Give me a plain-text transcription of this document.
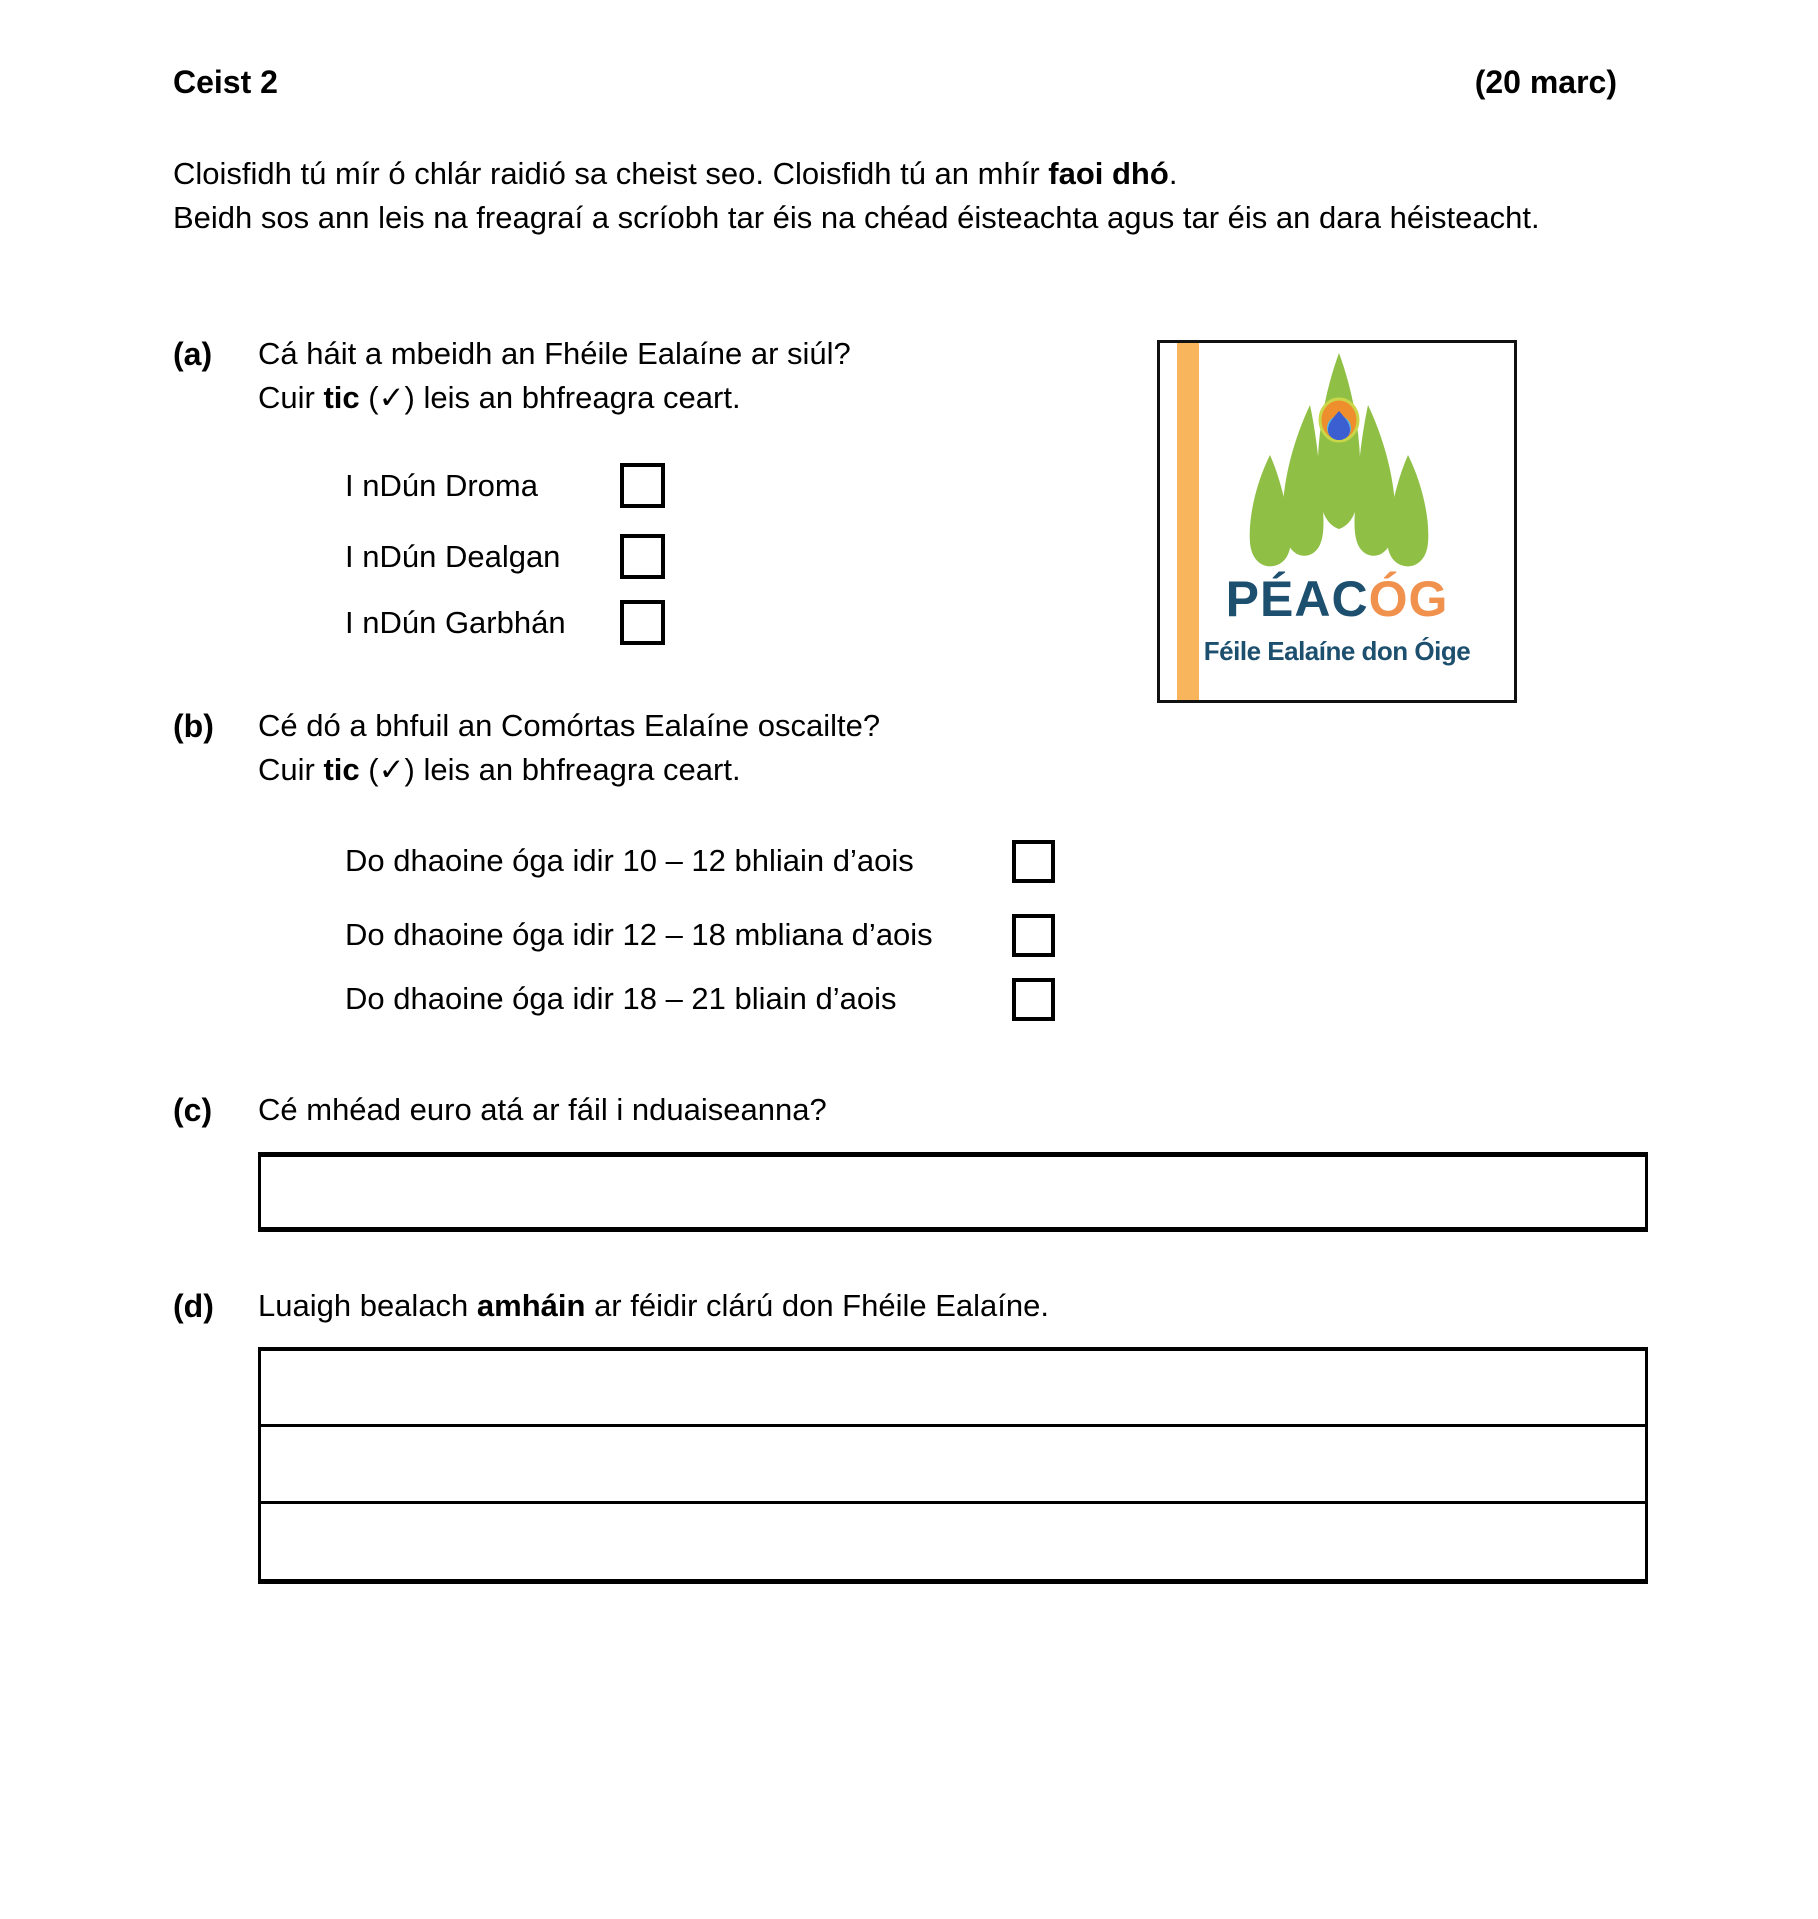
Ceist 2	(20 marc)
Cloisfidh tú mír ó chlár raidió sa cheist seo. Cloisfidh tú an mhír faoi dhó.
Beidh sos ann leis na freagraí a scríobh tar éis na chéad éisteachta agus tar éis an dara héisteacht.
(a) Cá háit a mbeidh an Fhéile Ealaíne ar siúl?
Cuir tic (✓) leis an bhfreagra ceart.
I nDún Droma
I nDún Dealgan
I nDún Garbhán	PÉACÓG
Féile Ealaíne don Óige
(b) Cé dó a bhfuil an Comórtas Ealaíne oscailte?
Cuir tic (✓) leis an bhfreagra ceart.
Do dhaoine óga idir 10 – 12 bhliain d’aois
Do dhaoine óga idir 12 – 18 mbliana d’aois
Do dhaoine óga idir 18 – 21 bliain d’aois
(c) Cé mhéad euro atá ar fáil i nduaiseanna?
(d) Luaigh bealach amháin ar féidir clárú don Fhéile Ealaíne.
